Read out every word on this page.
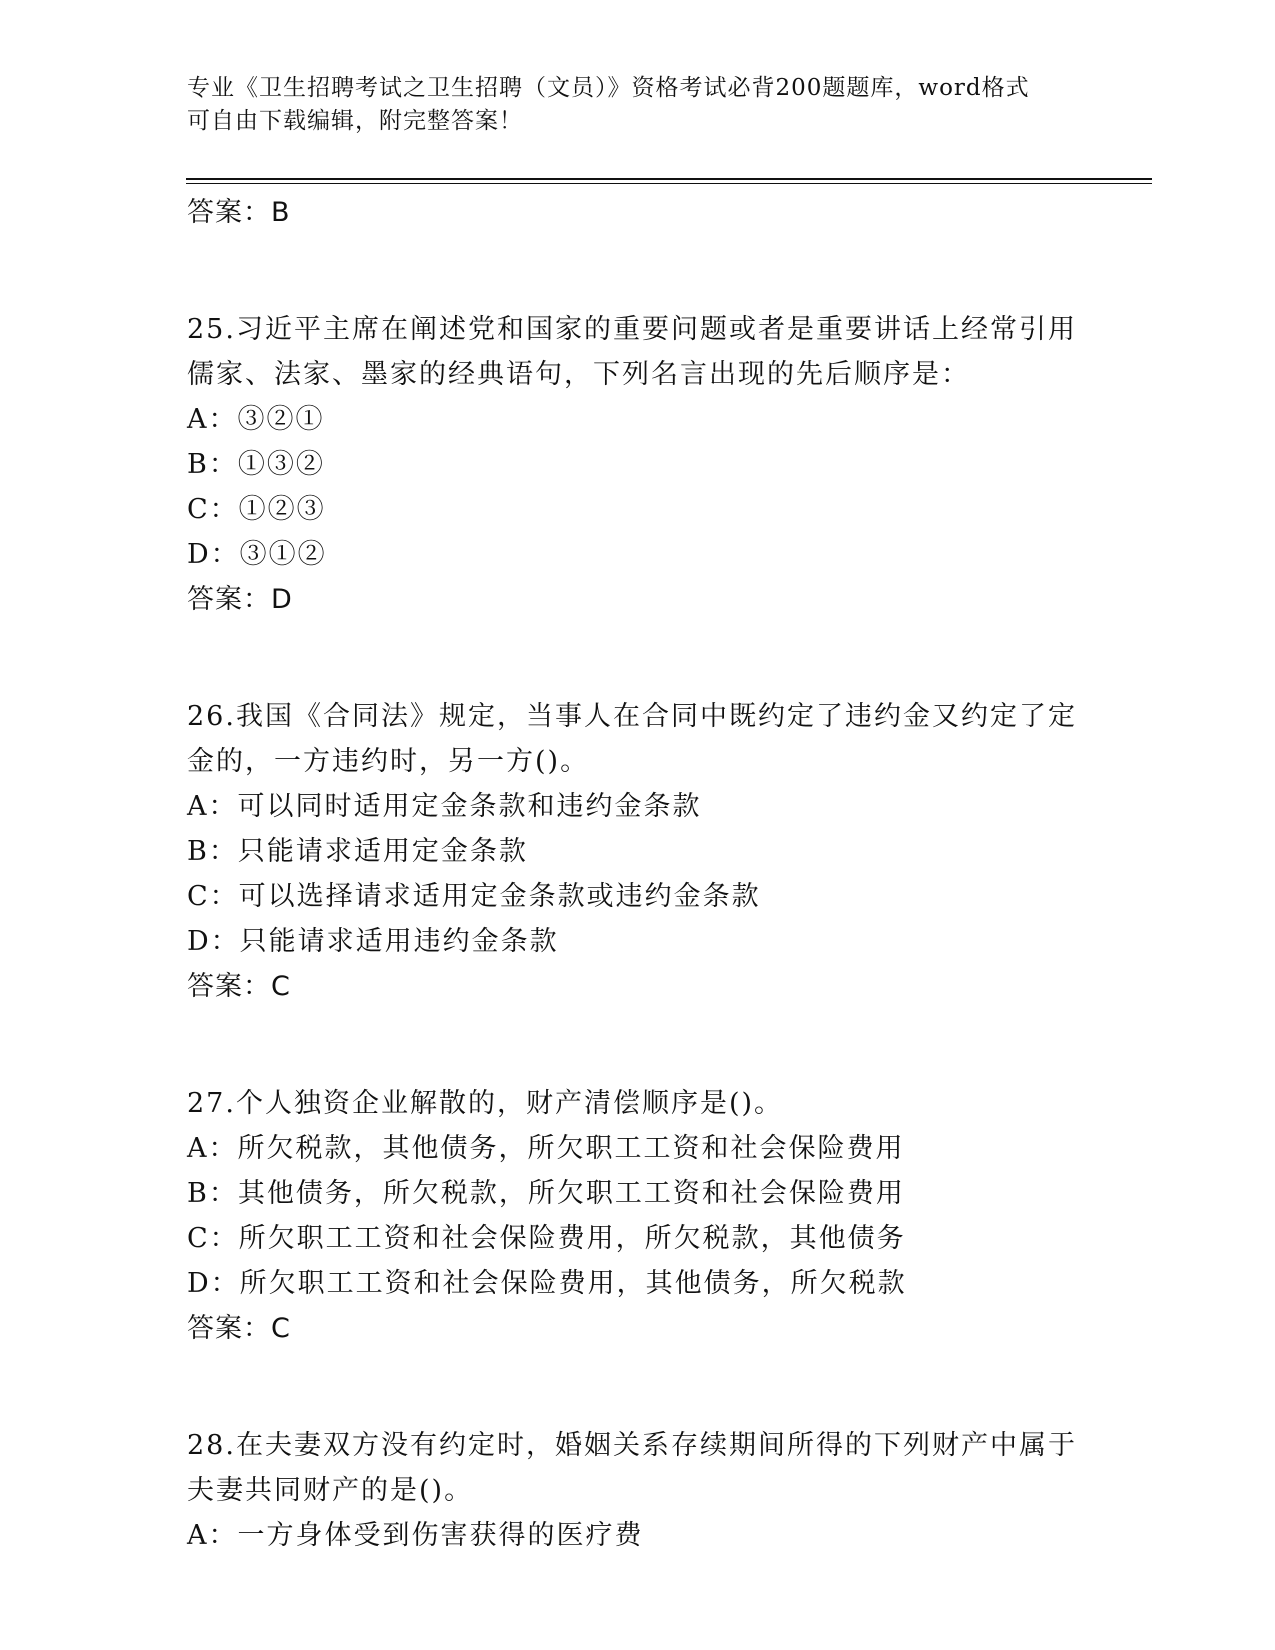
专业《卫生招聘考试之卫生招聘（文员）》资格考试必背200题题库，word格式
可自由下载编辑，附完整答案！
答案：B
25.习近平主席在阐述党和国家的重要问题或者是重要讲话上经常引用
儒家、法家、墨家的经典语句，下列名言出现的先后顺序是：
A：③②①
B：①③②
C：①②③
D：③①②
答案：D
26.我国《合同法》规定，当事人在合同中既约定了违约金又约定了定
金的，一方违约时，另一方()。
A：可以同时适用定金条款和违约金条款
B：只能请求适用定金条款
C：可以选择请求适用定金条款或违约金条款
D：只能请求适用违约金条款
答案：C
27.个人独资企业解散的，财产清偿顺序是()。
A：所欠税款，其他债务，所欠职工工资和社会保险费用
B：其他债务，所欠税款，所欠职工工资和社会保险费用
C：所欠职工工资和社会保险费用，所欠税款，其他债务
D：所欠职工工资和社会保险费用，其他债务，所欠税款
答案：C
28.在夫妻双方没有约定时，婚姻关系存续期间所得的下列财产中属于
夫妻共同财产的是()。
A：一方身体受到伤害获得的医疗费
